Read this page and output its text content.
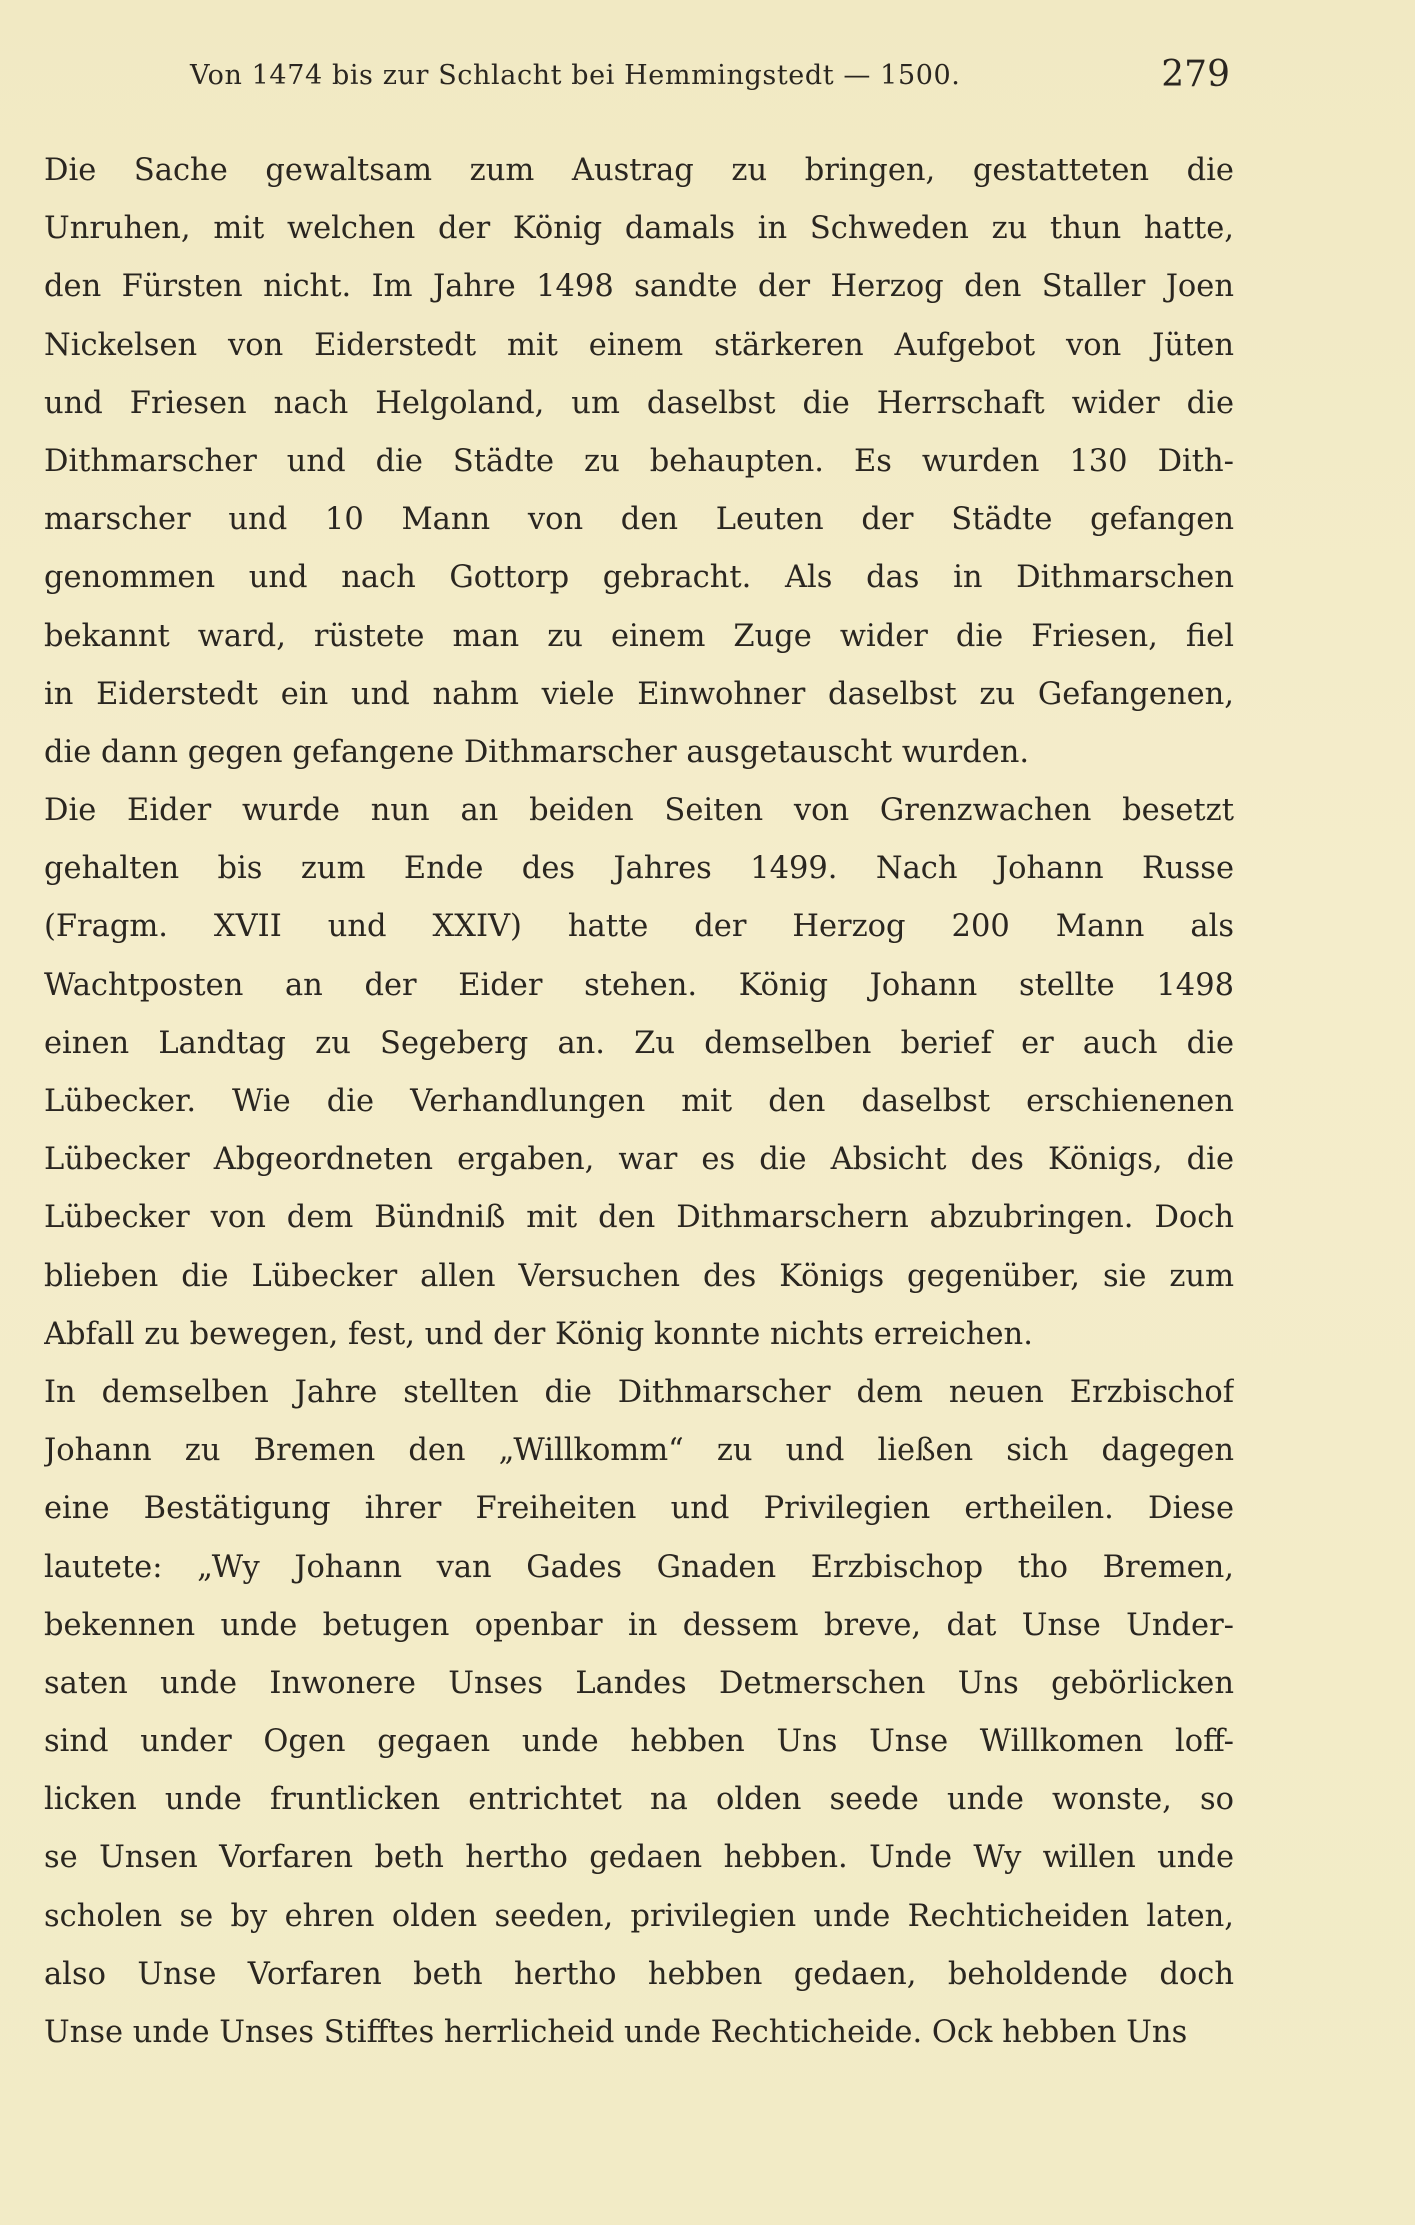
Von 1474 bis zur Schlacht bei Hemmingstedt — 1500.	279
Die Sache gewaltsam zum Austrag zu bringen, gestatteten die
Unruhen, mit welchen der König damals in Schweden zu thun hatte,
den Fürsten nicht. Im Jahre 1498 sandte der Herzog den Staller Joen
Nickelsen von Eiderstedt mit einem stärkeren Aufgebot von Jüten
und Friesen nach Helgoland, um daselbst die Herrschaft wider die
Dithmarscher und die Städte zu behaupten. Es wurden 130 Dith-
marscher und 10 Mann von den Leuten der Städte gefangen
genommen und nach Gottorp gebracht. Als das in Dithmarschen
bekannt ward, rüstete man zu einem Zuge wider die Friesen, fiel
in Eiderstedt ein und nahm viele Einwohner daselbst zu Gefangenen,
die dann gegen gefangene Dithmarscher ausgetauscht wurden.
Die Eider wurde nun an beiden Seiten von Grenzwachen besetzt
gehalten bis zum Ende des Jahres 1499. Nach Johann Russe
(Fragm. XVII und XXIV) hatte der Herzog 200 Mann als
Wachtposten an der Eider stehen. König Johann stellte 1498
einen Landtag zu Segeberg an. Zu demselben berief er auch die
Lübecker. Wie die Verhandlungen mit den daselbst erschienenen
Lübecker Abgeordneten ergaben, war es die Absicht des Königs, die
Lübecker von dem Bündniß mit den Dithmarschern abzubringen. Doch
blieben die Lübecker allen Versuchen des Königs gegenüber, sie zum
Abfall zu bewegen, fest, und der König konnte nichts erreichen.
In demselben Jahre stellten die Dithmarscher dem neuen Erzbischof
Johann zu Bremen den „Willkomm“ zu und ließen sich dagegen
eine Bestätigung ihrer Freiheiten und Privilegien ertheilen. Diese
lautete: „Wy Johann van Gades Gnaden Erzbischop tho Bremen,
bekennen unde betugen openbar in dessem breve, dat Unse Under-
saten unde Inwonere Unses Landes Detmerschen Uns gebörlicken
sind under Ogen gegaen unde hebben Uns Unse Willkomen loff-
licken unde fruntlicken entrichtet na olden seede unde wonste, so
se Unsen Vorfaren beth hertho gedaen hebben. Unde Wy willen unde
scholen se by ehren olden seeden, privilegien unde Rechticheiden laten,
also Unse Vorfaren beth hertho hebben gedaen, beholdende doch
Unse unde Unses Stifftes herrlicheid unde Rechticheide. Ock hebben Uns
